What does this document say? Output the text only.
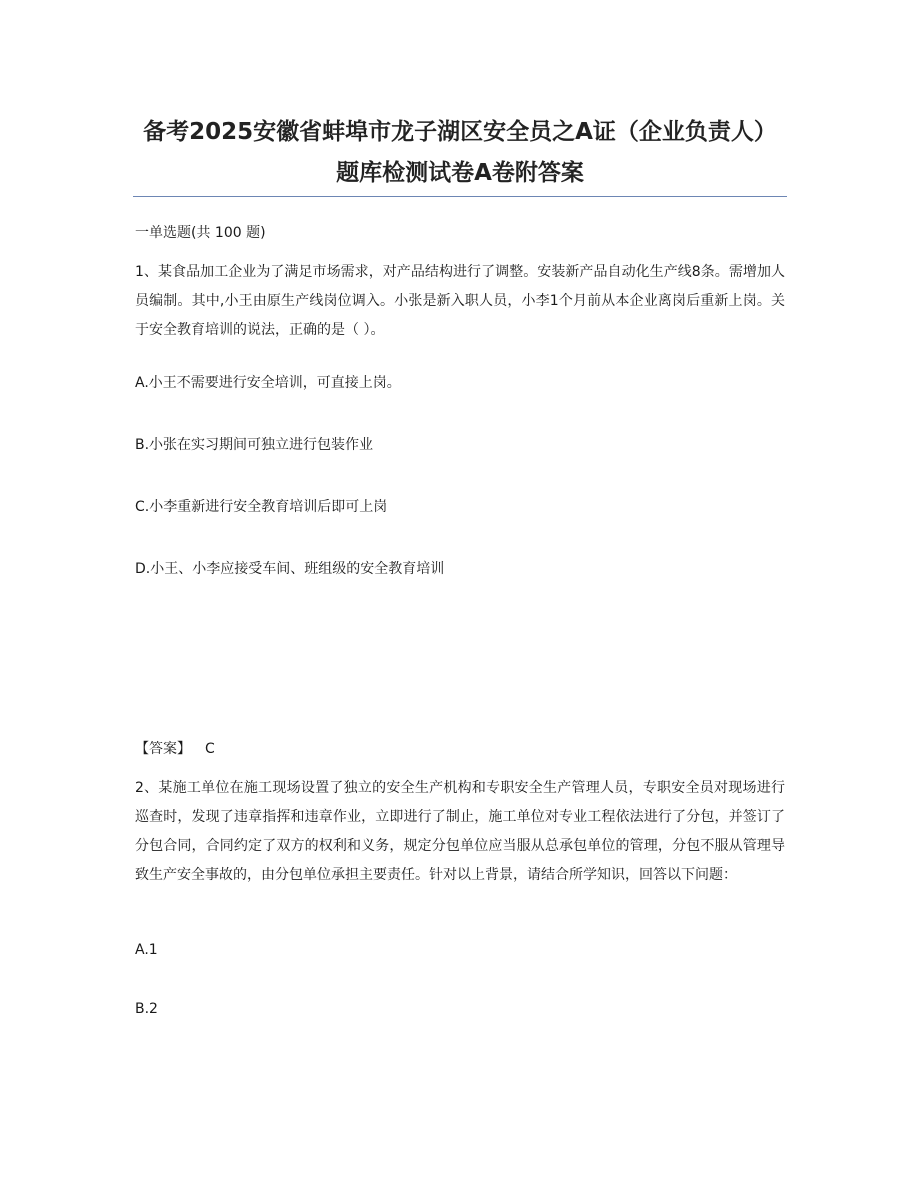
备考2025安徽省蚌埠市龙子湖区安全员之A证（企业负责人）题库检测试卷A卷附答案

一单选题(共 100 题)

1、某食品加工企业为了满足市场需求，对产品结构进行了调整。安装新产品自动化生产线8条。需增加人员编制。其中,小王由原生产线岗位调入。小张是新入职人员，小李1个月前从本企业离岗后重新上岗。关于安全教育培训的说法，正确的是（ ）。

A.小王不需要进行安全培训，可直接上岗。

B.小张在实习期间可独立进行包装作业

C.小李重新进行安全教育培训后即可上岗

D.小王、小李应接受车间、班组级的安全教育培训

【答案】 C

2、某施工单位在施工现场设置了独立的安全生产机构和专职安全生产管理人员，专职安全员对现场进行巡查时，发现了违章指挥和违章作业，立即进行了制止，施工单位对专业工程依法进行了分包，并签订了分包合同，合同约定了双方的权利和义务，规定分包单位应当服从总承包单位的管理，分包不服从管理导致生产安全事故的，由分包单位承担主要责任。针对以上背景，请结合所学知识，回答以下问题：

A.1

B.2
